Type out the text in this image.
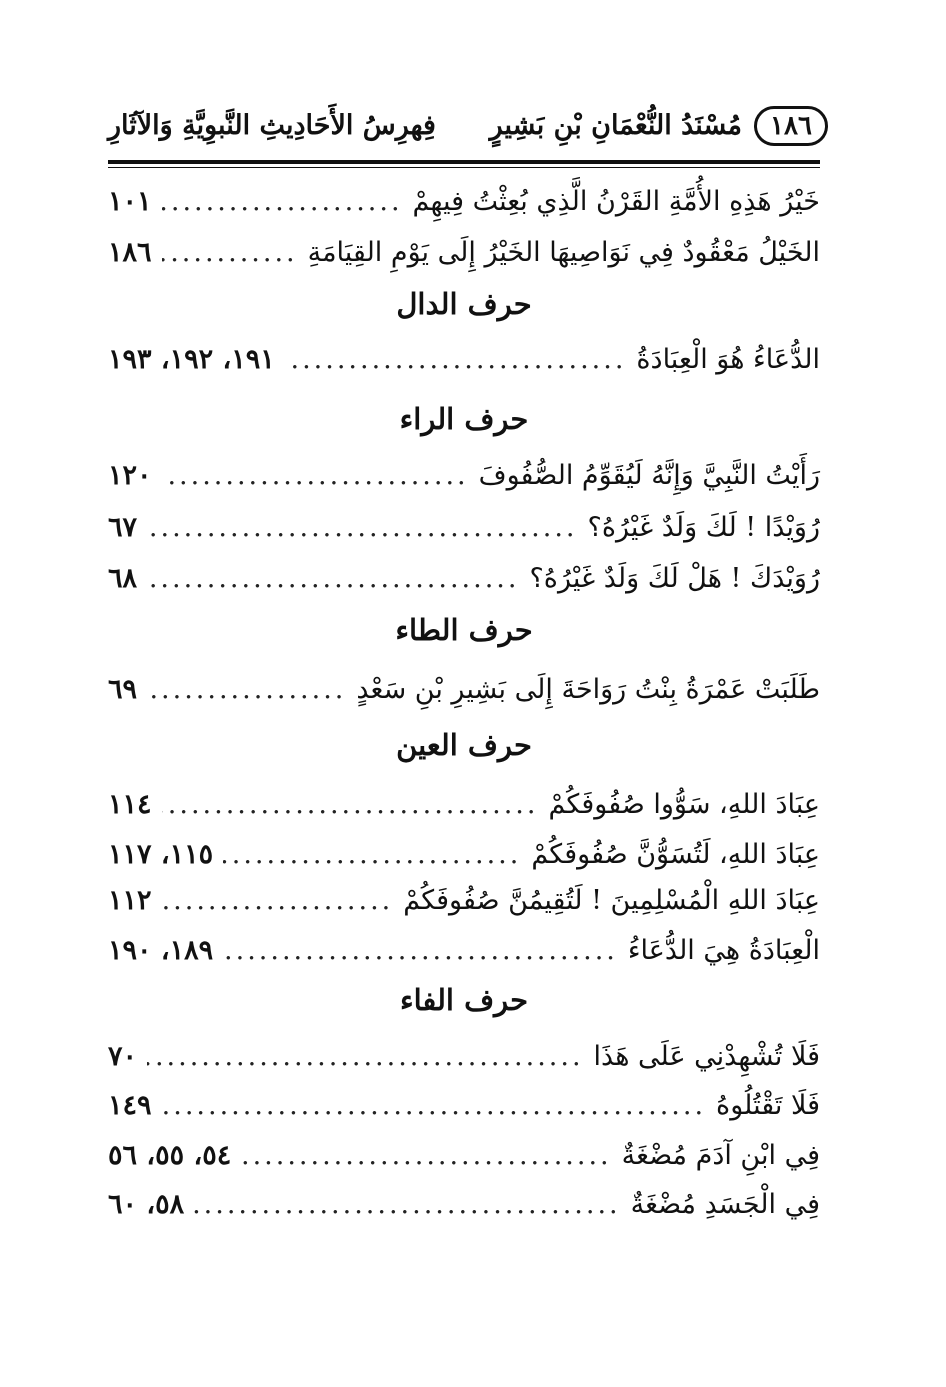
١٨٦
مُسْنَدُ النُّعْمَانِ بْنِ بَشِيرٍ
فِهرِسُ الأَحَادِيثِ النَّبوِيَّةِ وَالآثَارِ
خَيْرُ هَذِهِ الأُمَّةِ القَرْنُ الَّذِي بُعِثْتُ فِيهِمْ
.....
١٠١
الخَيْلُ مَعْقُودٌ فِي نَوَاصِيهَا الخَيْرُ إِلَى يَوْمِ القِيَامَةِ
.....
١٨٦
حرف الدال
الدُّعَاءُ هُوَ الْعِبَادَةُ
.....
١٩١، ١٩٢، ١٩٣
حرف الراء
رَأَيْتُ النَّبِيَّ وَإِنَّهُ لَيُقَوِّمُ الصُّفُوفَ
.....
١٢٠
رُوَيْدًا ! لَكَ وَلَدٌ غَيْرُهُ؟
.....
٦٧
رُوَيْدَكَ ! هَلْ لَكَ وَلَدٌ غَيْرُهُ؟
.....
٦٨
حرف الطاء
طَلَبَتْ عَمْرَةُ بِنْتُ رَوَاحَةَ إِلَى بَشِيرِ بْنِ سَعْدٍ
.....
٦٩
حرف العين
عِبَادَ اللهِ، سَوُّوا صُفُوفَكُمْ
.....
١١٤
عِبَادَ اللهِ، لَتُسَوُّنَّ صُفُوفَكُمْ
.....
١١٥، ١١٧
عِبَادَ اللهِ الْمُسْلِمِينَ ! لَتُقِيمُنَّ صُفُوفَكُمْ
.....
١١٢
الْعِبَادَةُ هِيَ الدُّعَاءُ
.....
١٨٩، ١٩٠
حرف الفاء
فَلَا تُشْهِدْنِي عَلَى هَذَا
.....
٧٠
فَلَا تَقْتُلُوهُ
.....
١٤٩
فِي ابْنِ آدَمَ مُضْغَةٌ
.....
٥٤، ٥٥، ٥٦
فِي الْجَسَدِ مُضْغَةٌ
.....
٥٨، ٦٠
